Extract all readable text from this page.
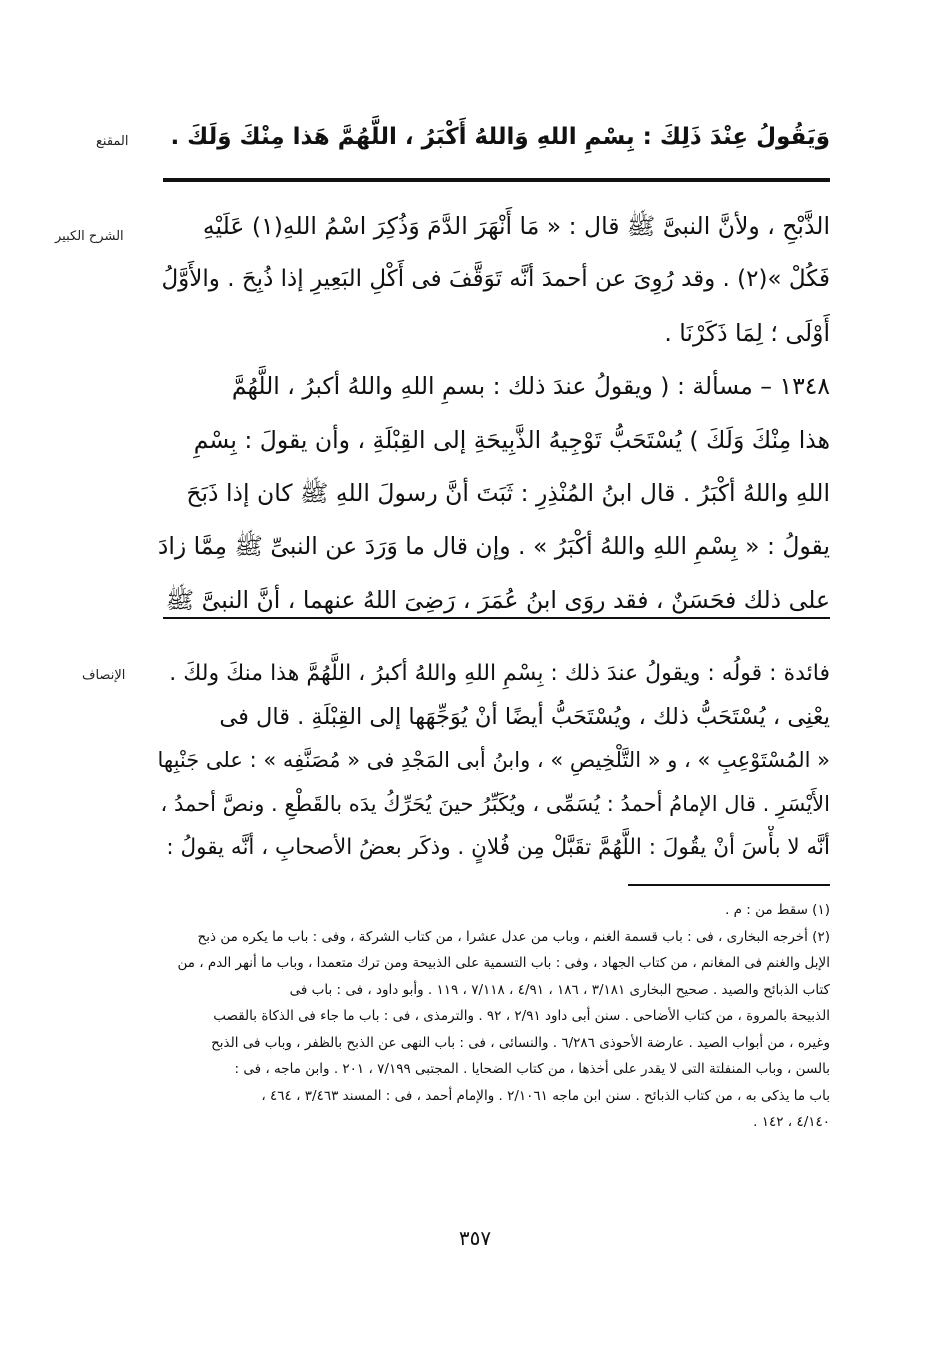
المقنع	وَيَقُولُ عِنْدَ ذَلِكَ : بِسْمِ اللهِ وَاللهُ أَكْبَرُ ، اللَّهُمَّ هَذا مِنْكَ وَلَكَ .
الشرح الكبير	الذَّبْحِ ، ولأنَّ النبىَّ ﷺ قال : « مَا أَنْهَرَ الدَّمَ وَذُكِرَ اسْمُ اللهِ(١) عَلَيْهِ
فَكُلْ »(٢) . وقد رُوِىَ عن أحمدَ أنَّه تَوَقَّفَ فى أَكْلِ البَعِيرِ إذا ذُبِحَ . والأَوَّلُ
أَوْلَى ؛ لِمَا ذَكَرْنَا .
١٣٤٨ – مسألة : ( ويقولُ عندَ ذلك : بسمِ اللهِ واللهُ أكبرُ ، اللَّهُمَّ
هذا مِنْكَ وَلَكَ ) يُسْتَحَبُّ تَوْجِيهُ الذَّبِيحَةِ إلى القِبْلَةِ ، وأن يقولَ : بِسْمِ
اللهِ واللهُ أكْبَرُ . قال ابنُ المُنْذِرِ : ثَبَتَ أنَّ رسولَ اللهِ ﷺ كان إذا ذَبَحَ
يقولُ : « بِسْمِ اللهِ واللهُ أكْبَرُ » . وإن قال ما وَرَدَ عن النبىِّ ﷺ مِمَّا زادَ
على ذلك فحَسَنٌ ، فقد روَى ابنُ عُمَرَ ، رَضِىَ اللهُ عنهما ، أنَّ النبىَّ ﷺ
الإنصاف	فائدة : قولُه : ويقولُ عندَ ذلك : بِسْمِ اللهِ واللهُ أكبرُ ، اللَّهُمَّ هذا منكَ ولكَ .
يعْنِى ، يُسْتَحَبُّ ذلك ، ويُسْتَحَبُّ أيضًا أنْ يُوَجِّهَها إلى القِبْلَةِ . قال فى
« المُسْتَوْعِبِ » ، و « التَّلْخِيصِ » ، وابنُ أبى المَجْدِ فى « مُصَنَّفِه » : على جَنْبِها
الأَيْسَرِ . قال الإمامُ أحمدُ : يُسَمِّى ، ويُكَبِّرُ حينَ يُحَرِّكُ يدَه بالقَطْعِ . ونصَّ أحمدُ ،
أنَّه لا بأْسَ أنْ يقُولَ : اللَّهُمَّ تقَبَّلْ مِن فُلانٍ . وذكَر بعضُ الأصحابِ ، أنَّه يقولُ :
(١) سقط من : م .
(٢) أخرجه البخارى ، فى : باب قسمة الغنم ، وباب من عدل عشرا ، من كتاب الشركة ، وفى : باب ما يكره من ذبح
الإبل والغنم فى المغانم ، من كتاب الجهاد ، وفى : باب التسمية على الذبيحة ومن ترك متعمدا ، وباب ما أنهر الدم ، من
كتاب الذبائح والصيد . صحيح البخارى ٣/١٨١ ، ١٨٦ ، ٤/٩١ ، ٧/١١٨ ، ١١٩ . وأبو داود ، فى : باب فى
الذبيحة بالمروة ، من كتاب الأضاحى . سنن أبى داود ٢/٩١ ، ٩٢ . والترمذى ، فى : باب ما جاء فى الذكاة بالقصب
وغيره ، من أبواب الصيد . عارضة الأحوذى ٦/٢٨٦ . والنسائى ، فى : باب النهى عن الذبح بالظفر ، وباب فى الذبح
بالسن ، وباب المنفلتة التى لا يقدر على أخذها ، من كتاب الضحايا . المجتبى ٧/١٩٩ ، ٢٠١ . وابن ماجه ، فى :
باب ما يذكى به ، من كتاب الذبائح . سنن ابن ماجه ٢/١٠٦١ . والإمام أحمد ، فى : المسند ٣/٤٦٣ ، ٤٦٤ ،
٤/١٤٠ ، ١٤٢ .
٣٥٧
